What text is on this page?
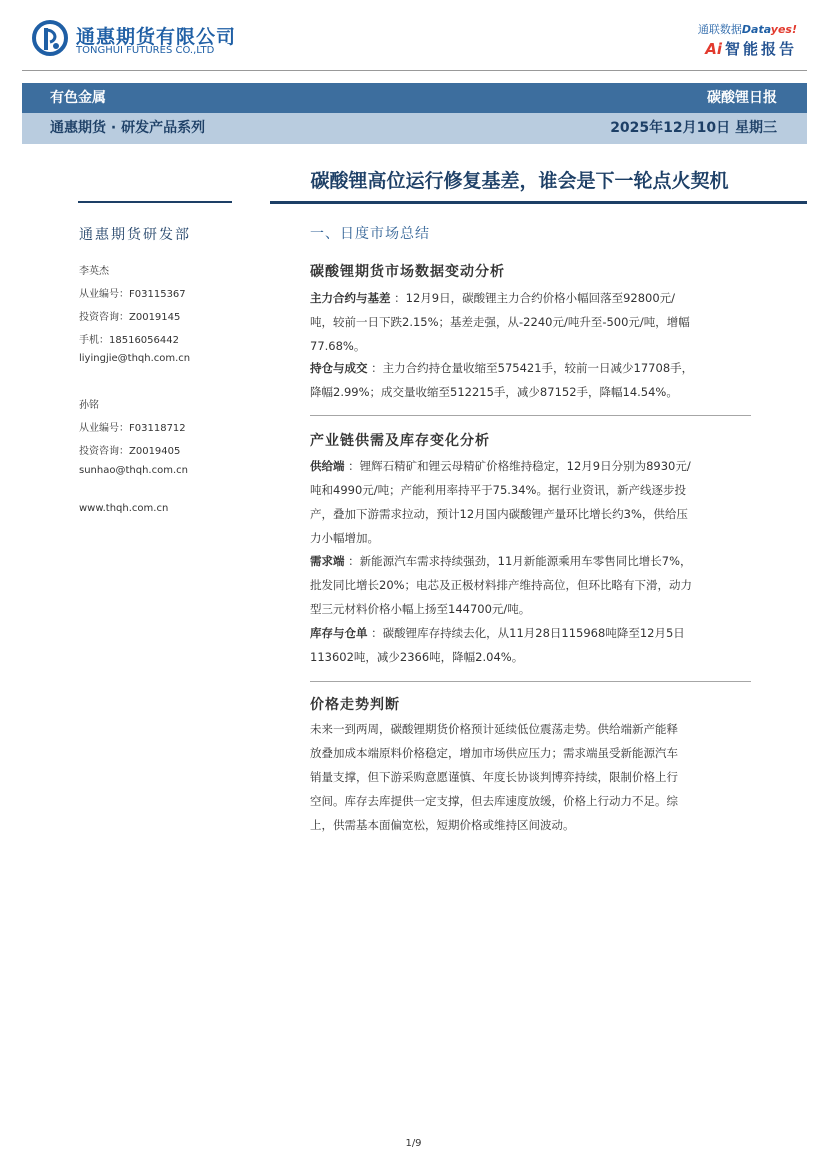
通惠期货有限公司
TONGHUI FUTURES CO.,LTD
通联数据Datayes!
Ai 智能报告
有色金属	碳酸锂日报
通惠期货 · 研发产品系列	2025年12月10日 星期三
碳酸锂高位运行修复基差，谁会是下一轮点火契机
通惠期货研发部
李英杰
从业编号：F03115367
投资咨询：Z0019145
手机：18516056442
liyingjie@thqh.com.cn
孙铭
从业编号：F03118712
投资咨询：Z0019405
sunhao@thqh.com.cn
www.thqh.com.cn
一、日度市场总结
碳酸锂期货市场数据变动分析
主力合约与基差 ：12月9日，碳酸锂主力合约价格小幅回落至92800元/
吨，较前一日下跌2.15%；基差走强，从-2240元/吨升至-500元/吨，增幅
77.68%。
持仓与成交 ：主力合约持仓量收缩至575421手，较前一日减少17708手，
降幅2.99%；成交量收缩至512215手，减少87152手，降幅14.54%。
产业链供需及库存变化分析
供给端 ：锂辉石精矿和锂云母精矿价格维持稳定，12月9日分别为8930元/
吨和4990元/吨；产能利用率持平于75.34%。据行业资讯，新产线逐步投
产，叠加下游需求拉动，预计12月国内碳酸锂产量环比增长约3%，供给压
力小幅增加。
需求端 ：新能源汽车需求持续强劲，11月新能源乘用车零售同比增长7%，
批发同比增长20%；电芯及正极材料排产维持高位，但环比略有下滑，动力
型三元材料价格小幅上扬至144700元/吨。
库存与仓单 ：碳酸锂库存持续去化，从11月28日115968吨降至12月5日
113602吨，减少2366吨，降幅2.04%。
价格走势判断
未来一到两周，碳酸锂期货价格预计延续低位震荡走势。供给端新产能释
放叠加成本端原料价格稳定，增加市场供应压力；需求端虽受新能源汽车
销量支撑，但下游采购意愿谨慎、年度长协谈判博弈持续，限制价格上行
空间。库存去库提供一定支撑，但去库速度放缓，价格上行动力不足。综
上，供需基本面偏宽松，短期价格或维持区间波动。
1/9
